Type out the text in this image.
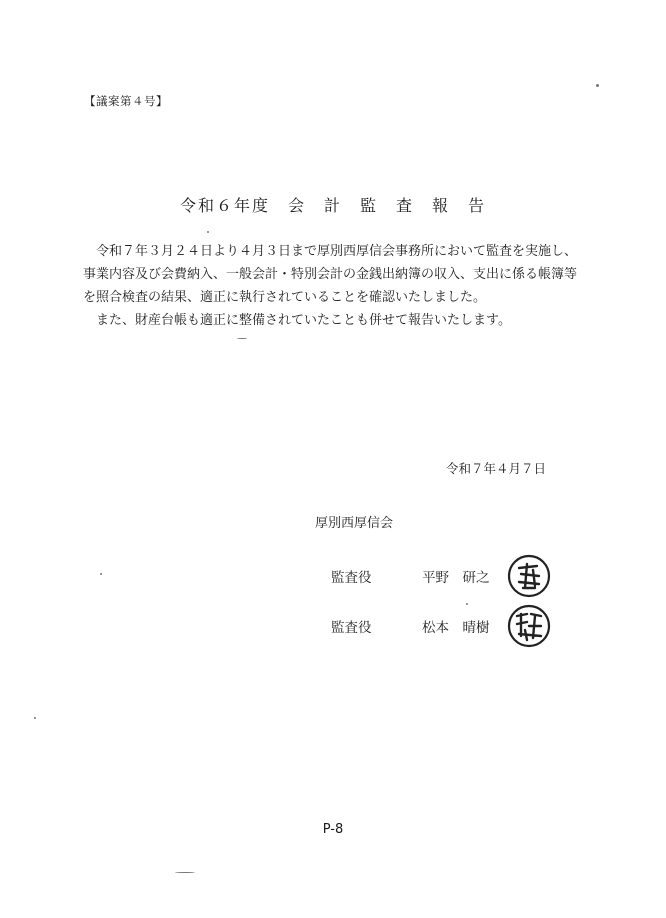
【議案第４号】
令和６年度　会　計　監　査　報　告

令和７年３月２４日より４月３日まで厚別西厚信会事務所において監査を実施し、事業内容及び会費納入、一般会計・特別会計の金銭出納簿の収入、支出に係る帳簿等を照合検査の結果、適正に執行されていることを確認いたしました。

また、財産台帳も適正に整備されていたことも併せて報告いたします。

令和７年４月７日
厚別西厚信会
監査役	平野　研之
監査役	松本　晴樹
P-8
